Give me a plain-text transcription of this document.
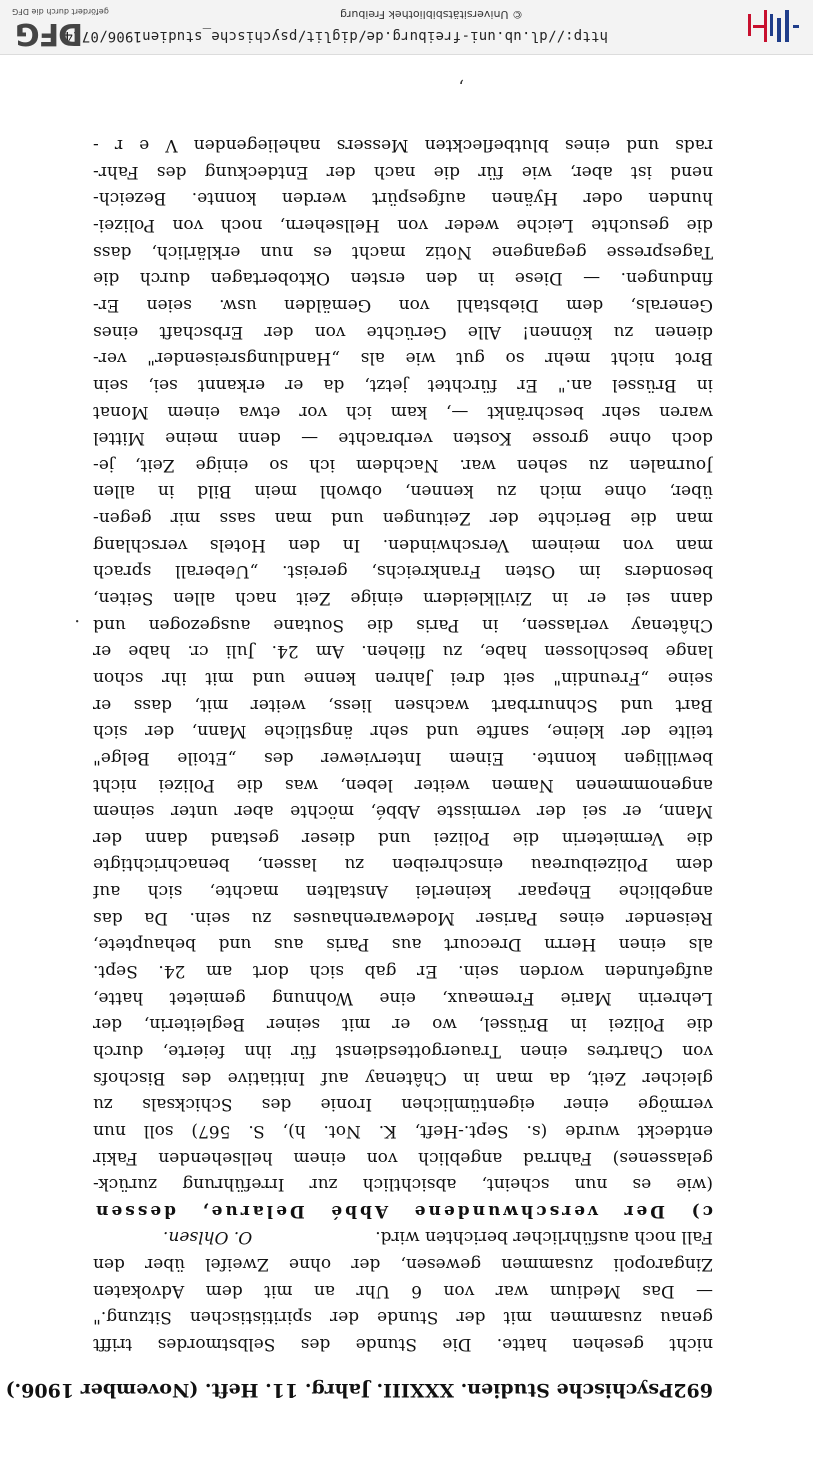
692
Psychische Studien. XXXIII. Jahrg. 11. Heft. (November 1906.)
nicht gesehen hatte. Die Stunde des Selbstmordes trifft
genau zusammen mit der Stunde der spiritistischen Sitzung."
— Das Medium war von 6 Uhr an mit dem Advokaten
Zingaropoli zusammen gewesen, der ohne Zweifel über den
Fall noch ausführlicher berichten wird.
O. Ohlsen.
c) Der verschwundene Abbé Delarue, dessen
(wie es nun scheint, absichtlich zur Irreführung zurück-
gelassenes) Fahrrad angeblich von einem hellsehenden Fakir
entdeckt wurde (s. Sept.-Heft, K. Not. h), S. 567) soll nun
vermöge einer eigentümlichen Ironie des Schicksals zu
gleicher Zeit, da man in Châtenay auf Initiative des Bischofs
von Chartres einen Trauergottesdienst für ihn feierte, durch
die Polizei in Brüssel, wo er mit seiner Begleiterin, der
Lehrerin Marie Fremeaux, eine Wohnung gemietet hatte,
aufgefunden worden sein. Er gab sich dort am 24. Sept.
als einen Herrn Drecourt aus Paris aus und behauptete,
Reisender eines Pariser Modewarenhauses zu sein. Da das
angebliche Ehepaar keinerlei Anstalten machte, sich auf
dem Polizeibureau einschreiben zu lassen, benachrichtigte
die Vermieterin die Polizei und dieser gestand dann der
Mann, er sei der vermisste Abbé, möchte aber unter seinem
angenommenen Namen weiter leben, was die Polizei nicht
bewilligen konnte. Einem Interviewer des „Etoile Belge"
teilte der kleine, sanfte und sehr ängstliche Mann, der sich
Bart und Schnurrbart wachsen liess, weiter mit, dass er
seine „Freundin" seit drei Jahren kenne und mit ihr schon
lange beschlossen habe, zu fliehen. Am 24. Juli cr. habe er
Châtenay verlassen, in Paris die Soutane ausgezogen und
dann sei er in Zivilkleidern einige Zeit nach allen Seiten,
besonders im Osten Frankreichs, gereist. „Ueberall sprach
man von meinem Verschwinden. In den Hotels verschlang
man die Berichte der Zeitungen und man sass mir gegen-
über, ohne mich zu kennen, obwohl mein Bild in allen
Journalen zu sehen war. Nachdem ich so einige Zeit, je-
doch ohne grosse Kosten verbrachte — denn meine Mittel
waren sehr beschränkt —, kam ich vor etwa einem Monat
in Brüssel an." Er fürchtet jetzt, da er erkannt sei, sein
Brot nicht mehr so gut wie als „Handlungsreisender" ver-
dienen zu können! Alle Gerüchte von der Erbschaft eines
Generals, dem Diebstahl von Gemälden usw. seien Er-
findungen. — Diese in den ersten Oktobertagen durch die
Tagespresse gegangene Notiz macht es nun erklärlich, dass
die gesuchte Leiche weder von Hellsehern, noch von Polizei-
hunden oder Hyänen aufgespürt werden konnte. Bezeich-
nend ist aber, wie für die nach der Entdeckung des Fahr-
rads und eines blutbefleckten Messers naheliegenden V e r -
·
ʼ
http://dl.ub.uni-freiburg.de/diglit/psychische_studien1906/0714
© Universitätsbibliothek Freiburg
DFG
gefördert durch die DFG
